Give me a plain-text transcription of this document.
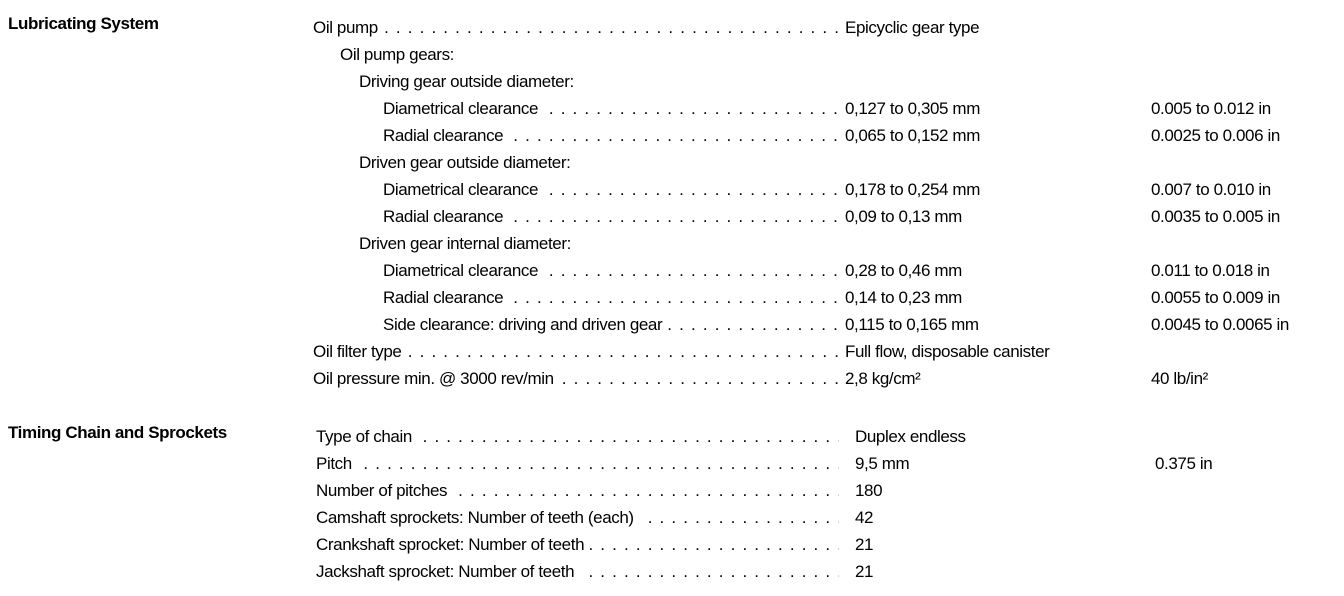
Lubricating System . . .	Oil pump	Epicyclic gear type
Oil pump gears:
Driving gear outside diameter:
. . .
Diametrical clearance	0,127 to 0,305 mm	0.005 to 0.012 in
. . .
Radial clearance	0,065 to 0,152 mm	0.0025 to 0.006 in
Driven gear outside diameter:
. . .
Diametrical clearance	0,178 to 0,254 mm	0.007 to 0.010 in
. . .
Radial clearance	0,09 to 0,13 mm	0.0035 to 0.005 in
Driven gear internal diameter:
. . .
Diametrical clearance	0,28 to 0,46 mm	0.011 to 0.018 in
. . .
Radial clearance	0,14 to 0,23 mm	0.0055 to 0.009 in
. . .
Side clearance: driving and driven gear	0,115 to 0,165 mm	0.0045 to 0.0065 in
. . .
Oil filter type	Full flow, disposable canister
. . .
Oil pressure min. @ 3000 rev/min	2,8 kg/cm²	40 lb/in²
Timing Chain and Sprockets . . .	Type of chain	Duplex endless
. . .
Pitch	9,5 mm	0.375 in
. . .
Number of pitches	180
. . .
Camshaft sprockets: Number of teeth (each)	42
. . .
Crankshaft sprocket: Number of teeth	21
. . .
Jackshaft sprocket: Number of teeth	21
